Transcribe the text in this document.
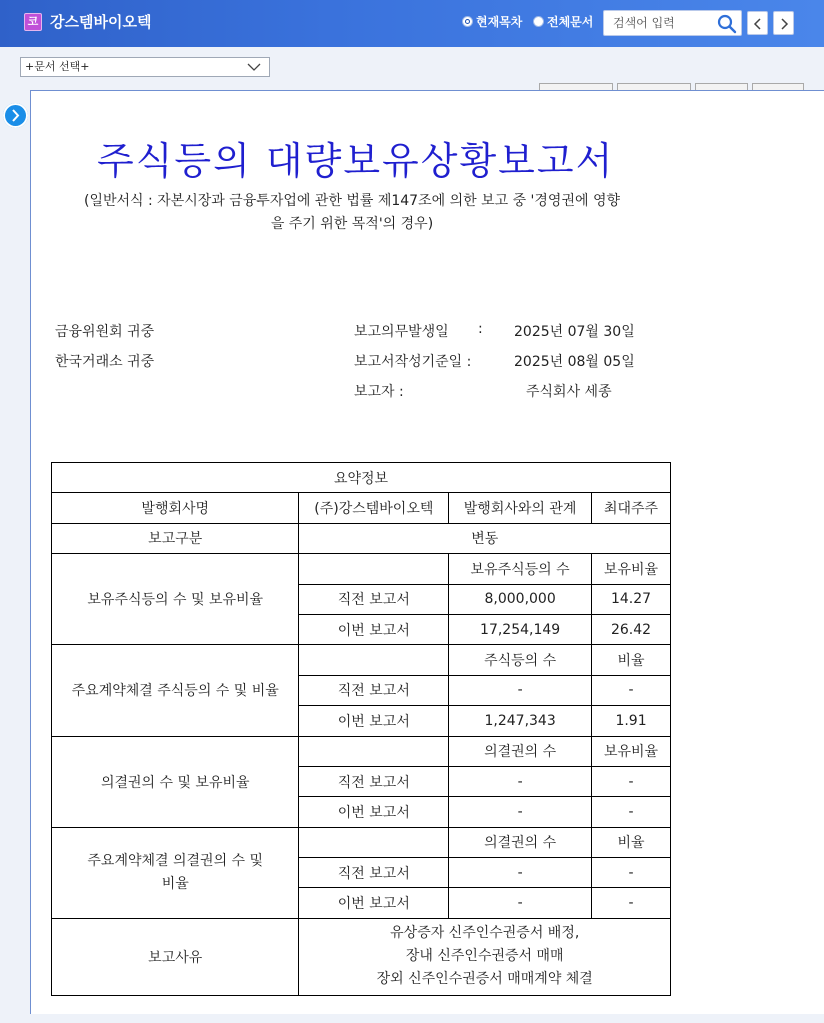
코 강스템바이오텍	현재목차 전체문서
검색어 입력
+문서 선택+
주식등의 대량보유상황보고서
(일반서식 : 자본시장과 금융투자업에 관한 법률 제147조에 의한 보고 중 '경영권에 영향
을 주기 위한 목적'의 경우)
금융위원회 귀중
한국거래소 귀중
보고의무발생일 : 2025년 07월 30일
보고서작성기준일 :	2025년 08월 05일
보고자 :	주식회사 세종
요약정보			
발행회사명	(주)강스템바이오텍	발행회사와의 관계	최대주주
보고구분	변동		
보유주식등의 수 및 보유비율		보유주식등의 수	보유비율
	직전 보고서	8,000,000	14.27
	이번 보고서	17,254,149	26.42
주요계약체결 주식등의 수 및 비율		주식등의 수	비율
	직전 보고서	-	-
	이번 보고서	1,247,343	1.91
의결권의 수 및 보유비율		의결권의 수	보유비율
	직전 보고서	-	-
	이번 보고서	-	-

주요계약체결 의결권의 수 및
비율		의결권의 수	비율
	직전 보고서	-	-
	이번 보고서	-	-
보고사유	유상증자 신주인수권증서 배정,
장내 신주인수권증서 매매
장외 신주인수권증서 매매계약 체결		
